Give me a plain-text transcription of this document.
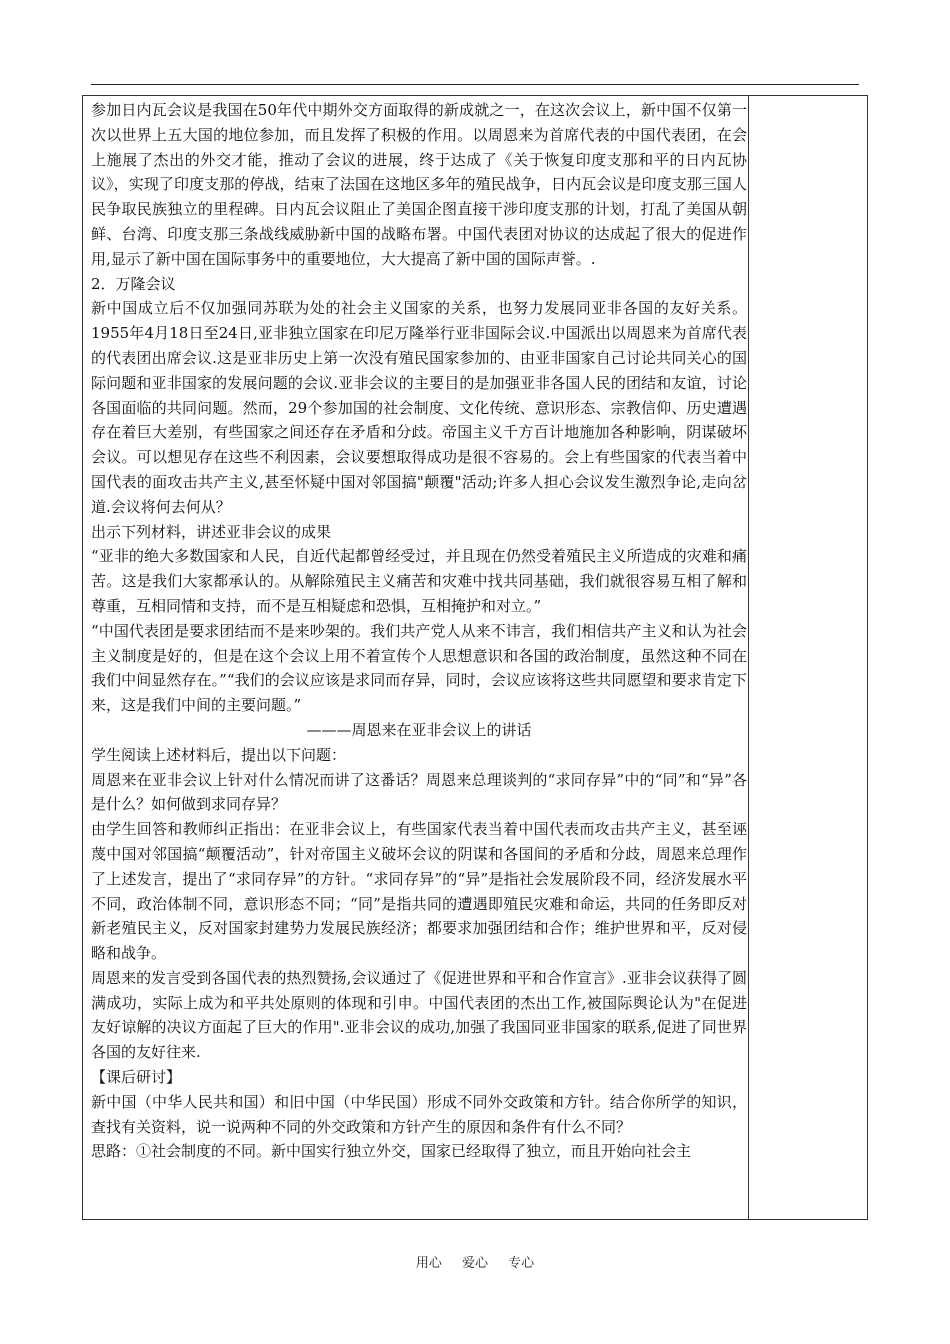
参加日内瓦会议是我国在50年代中期外交方面取得的新成就之一，在这次会议上，新中国不仅第一次以世界上五大国的地位参加，而且发挥了积极的作用。以周恩来为首席代表的中国代表团，在会上施展了杰出的外交才能，推动了会议的进展，终于达成了《关于恢复印度支那和平的日内瓦协议》，实现了印度支那的停战，结束了法国在这地区多年的殖民战争，日内瓦会议是印度支那三国人民争取民族独立的里程碑。日内瓦会议阻止了美国企图直接干涉印度支那的计划，打乱了美国从朝鲜、台湾、印度支那三条战线威胁新中国的战略布署。中国代表团对协议的达成起了很大的促进作用,显示了新中国在国际事务中的重要地位，大大提高了新中国的国际声誉。.

2．万隆会议

新中国成立后不仅加强同苏联为处的社会主义国家的关系，也努力发展同亚非各国的友好关系。1955年4月18日至24日,亚非独立国家在印尼万隆举行亚非国际会议.中国派出以周恩来为首席代表的代表团出席会议.这是亚非历史上第一次没有殖民国家参加的、由亚非国家自己讨论共同关心的国际问题和亚非国家的发展问题的会议.亚非会议的主要目的是加强亚非各国人民的团结和友谊，讨论各国面临的共同问题。然而，29个参加国的社会制度、文化传统、意识形态、宗教信仰、历史遭遇存在着巨大差别，有些国家之间还存在矛盾和分歧。帝国主义千方百计地施加各种影响，阴谋破坏会议。可以想见存在这些不利因素，会议要想取得成功是很不容易的。会上有些国家的代表当着中国代表的面攻击共产主义,甚至怀疑中国对邻国搞"颠覆"活动;许多人担心会议发生激烈争论,走向岔道.会议将何去何从？

出示下列材料，讲述亚非会议的成果

“亚非的绝大多数国家和人民，自近代起都曾经受过，并且现在仍然受着殖民主义所造成的灾难和痛苦。这是我们大家都承认的。从解除殖民主义痛苦和灾难中找共同基础，我们就很容易互相了解和尊重，互相同情和支持，而不是互相疑虑和恐惧，互相掩护和对立。”

“中国代表团是要求团结而不是来吵架的。我们共产党人从来不讳言，我们相信共产主义和认为社会主义制度是好的，但是在这个会议上用不着宣传个人思想意识和各国的政治制度，虽然这种不同在我们中间显然存在。”“我们的会议应该是求同而存异，同时，会议应该将这些共同愿望和要求肯定下来，这是我们中间的主要问题。”

———周恩来在亚非会议上的讲话

学生阅读上述材料后，提出以下问题：

周恩来在亚非会议上针对什么情况而讲了这番话？周恩来总理谈判的“求同存异”中的“同”和“异”各是什么？如何做到求同存异？

由学生回答和教师纠正指出：在亚非会议上，有些国家代表当着中国代表而攻击共产主义，甚至诬蔑中国对邻国搞“颠覆活动”，针对帝国主义破坏会议的阴谋和各国间的矛盾和分歧，周恩来总理作了上述发言，提出了“求同存异”的方针。“求同存异”的“异”是指社会发展阶段不同，经济发展水平不同，政治体制不同，意识形态不同；“同”是指共同的遭遇即殖民灾难和命运，共同的任务即反对新老殖民主义，反对国家封建势力发展民族经济；都要求加强团结和合作；维护世界和平，反对侵略和战争。

周恩来的发言受到各国代表的热烈赞扬,会议通过了《促进世界和平和合作宣言》.亚非会议获得了圆满成功，实际上成为和平共处原则的体现和引申。中国代表团的杰出工作,被国际舆论认为"在促进友好谅解的决议方面起了巨大的作用".亚非会议的成功,加强了我国同亚非国家的联系,促进了同世界各国的友好往来.

【课后研讨】

新中国（中华人民共和国）和旧中国（中华民国）形成不同外交政策和方针。结合你所学的知识，查找有关资料，说一说两种不同的外交政策和方针产生的原因和条件有什么不同？

思路：①社会制度的不同。新中国实行独立外交，国家已经取得了独立，而且开始向社会主

用心 爱心 专心
